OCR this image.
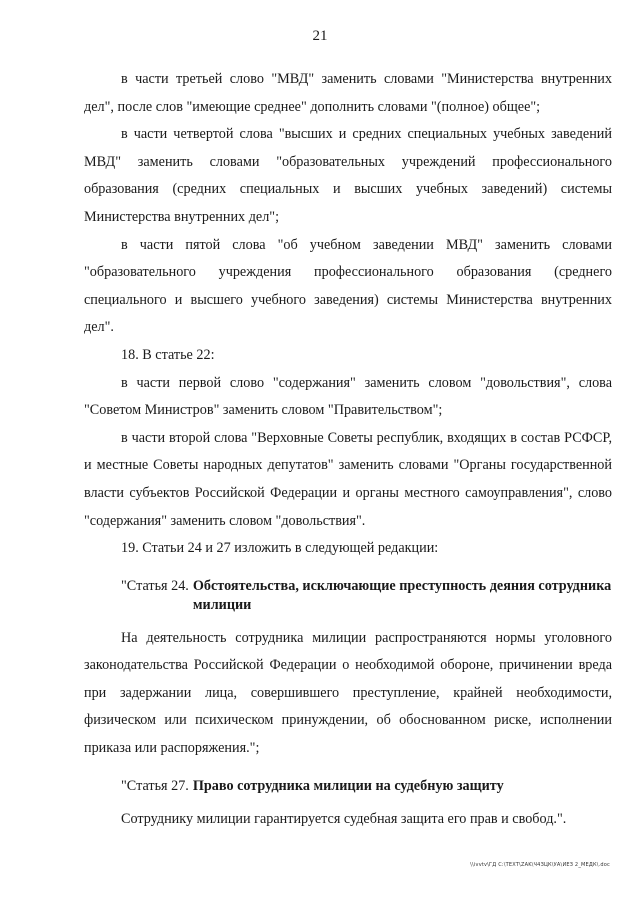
21

в части третьей слово "МВД" заменить словами "Министерства внутренних дел", после слов "имеющие среднее" дополнить словами "(полное) общее";

в части четвертой слова "высших и средних специальных учебных заведений МВД" заменить словами "образовательных учреждений профессионального образования (средних специальных и высших учебных заведений) системы Министерства внутренних дел";

в части пятой слова "об учебном заведении МВД" заменить словами "образовательного учреждения профессионального образования (среднего специального и высшего учебного заведения) системы Министерства внутренних дел".

18. В статье 22:

в части первой слово "содержания" заменить словом "довольствия", слова "Советом Министров" заменить словом "Правительством";

в части второй слова "Верховные Советы республик, входящих в состав РСФСР, и местные Советы народных депутатов" заменить словами "Органы государственной власти субъектов Российской Федерации и органы местного самоуправления", слово "содержания" заменить словом "довольствия".

19. Статьи 24 и 27 изложить в следующей редакции:

"Статья 24. Обстоятельства, исключающие преступность деяния сотрудника милиции

На деятельность сотрудника милиции распространяются нормы уголовного законодательства Российской Федерации о необходимой обороне, причинении вреда при задержании лица, совершившего преступление, крайней необходимости, физическом или психическом принуждении, об обоснованном риске, исполнении приказа или распоряжения.";

"Статья 27. Право сотрудника милиции на судебную защиту

Сотруднику милиции гарантируется судебная защита его прав и свобод.".

\\ivvtv\ГД C:\TEXT\ZAK\Ч4ЗЦК\УA\ИЕЗ 2_МЕДК\.doc
